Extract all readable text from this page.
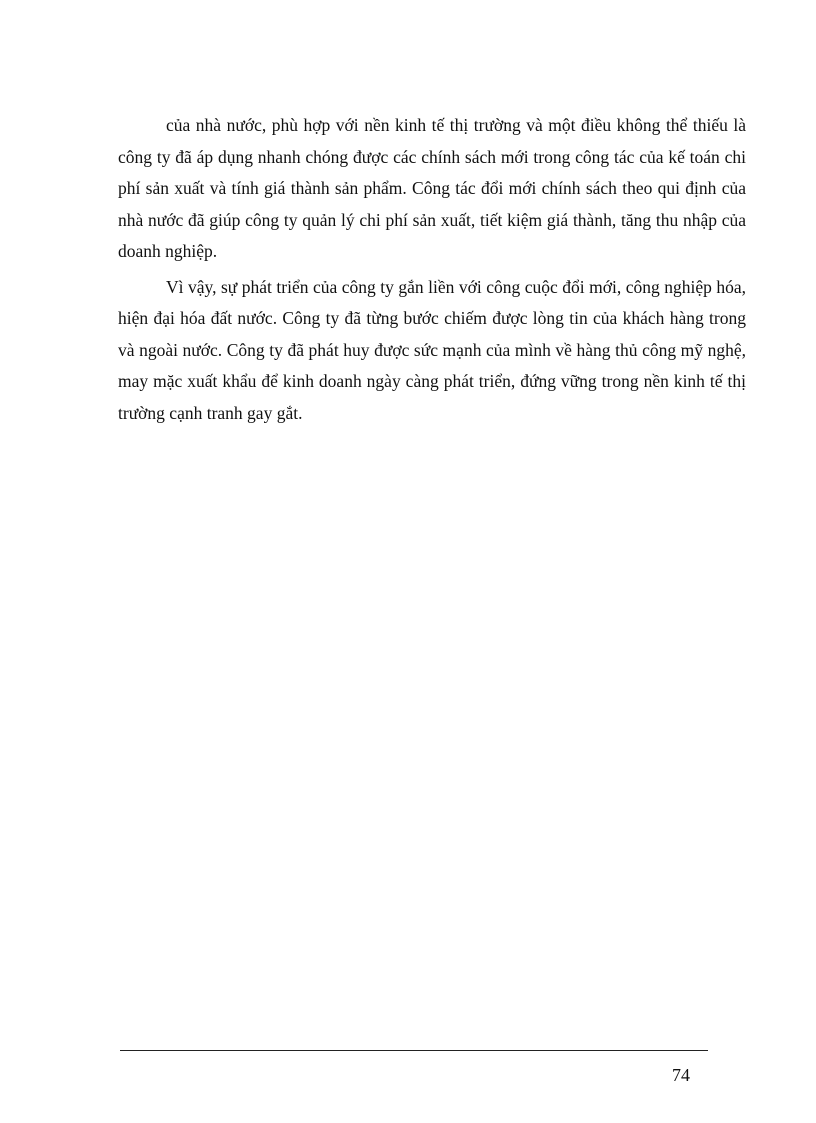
của nhà nước, phù hợp với nền kinh tế thị trường và một điều không thể thiếu là công ty đã áp dụng nhanh chóng được các chính sách mới trong công tác của kế toán chi phí sản xuất và tính giá thành sản phẩm. Công tác đổi mới chính sách theo qui định của nhà nước đã giúp công ty quản lý chi phí sản xuất, tiết kiệm giá thành, tăng thu nhập của doanh nghiệp.

Vì vậy, sự phát triển của công ty gắn liền với công cuộc đổi mới, công nghiệp hóa, hiện đại hóa đất nước. Công ty đã từng bước chiếm được lòng tin của khách hàng trong và ngoài nước. Công ty đã phát huy được sức mạnh của mình về hàng thủ công mỹ nghệ, may mặc xuất khẩu để kinh doanh ngày càng phát triển, đứng vững trong nền kinh tế thị trường cạnh tranh gay gắt.

74
